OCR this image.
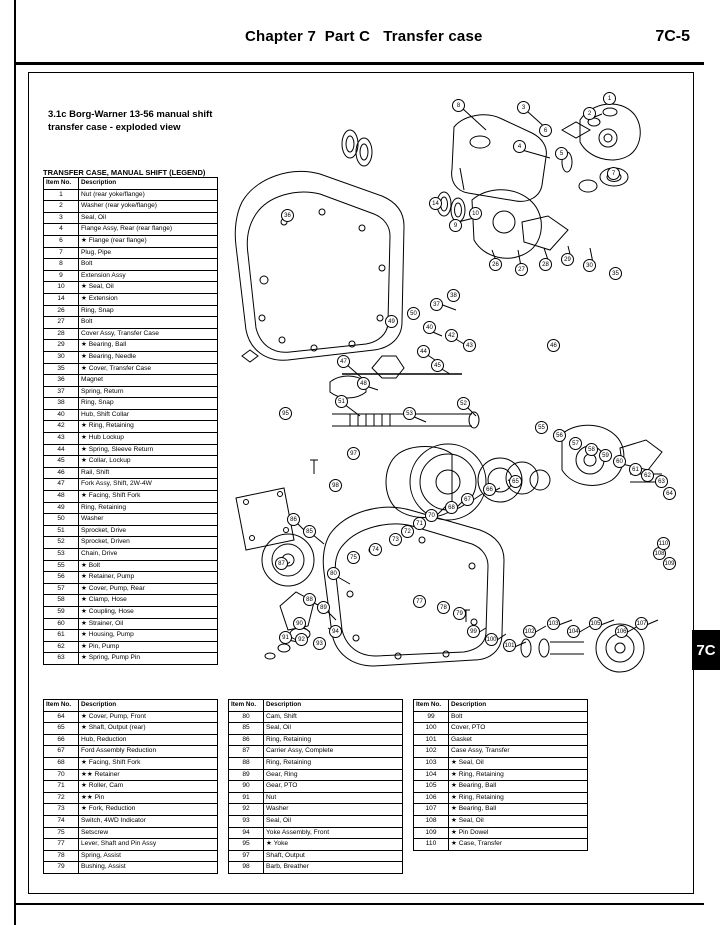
Chapter 7  Part C   Transfer case	7C-5
7C
3.1c Borg-Warner 13-56 manual shift transfer case - exploded view
TRANSFER CASE, MANUAL SHIFT (LEGEND)
Item No.	Description
1	Nut (rear yoke/flange)
2	Washer (rear yoke/flange)
3	Seal, Oil
4	Flange Assy, Rear (rear flange)
6	★ Flange (rear flange)
7	Plug, Pipe
8	Bolt
9	Extension Assy
10	★ Seal, Oil
14	★ Extension
26	Ring, Snap
27	Bolt
28	Cover Assy, Transfer Case
29	★ Bearing, Ball
30	★ Bearing, Needle
35	★ Cover, Transfer Case
36	Magnet
37	Spring, Return
38	Ring, Snap
40	Hub, Shift Collar
42	★ Ring, Retaining
43	★ Hub Lockup
44	★ Spring, Sleeve Return
45	★ Collar, Lockup
46	Rail, Shift
47	Fork Assy, Shift, 2W-4W
48	★ Facing, Shift Fork
49	Ring, Retaining
50	Washer
51	Sprocket, Drive
52	Sprocket, Driven
53	Chain, Drive
55	★ Bolt
56	★ Retainer, Pump
57	★ Cover, Pump, Rear
58	★ Clamp, Hose
59	★ Coupling, Hose
60	★ Strainer, Oil
61	★ Housing, Pump
62	★ Pin, Pump
63	★ Spring, Pump Pin
Item No.	Description
64	★ Cover, Pump, Front
65	★ Shaft, Output (rear)
66	Hub, Reduction
67	Ford Assembly Reduction
68	★ Facing, Shift Fork
70	★★ Retainer
71	★ Roller, Cam
72	★★ Pin
73	★ Fork, Reduction
74	Switch, 4WD Indicator
75	Setscrew
77	Lever, Shaft and Pin Assy
78	Spring, Assist
79	Bushing, Assist
Item No.	Description
80	Cam, Shift
85	Seal, Oil
86	Ring, Retaining
87	Carrier Assy, Complete
88	Ring, Retaining
89	Gear, Ring
90	Gear, PTO
91	Nut
92	Washer
93	Seal, Oil
94	Yoke Assembly, Front
95	★ Yoke
97	Shaft, Output
98	Barb, Breather
Item No.	Description
99	Bolt
100	Cover, PTO
101	Gasket
102	Case Assy, Transfer
103	★ Seal, Oil
104	★ Ring, Retaining
105	★ Bearing, Ball
106	★ Ring, Retaining
107	★ Bearing, Ball
108	★ Seal, Oil
109	★ Pin Dowel
110	★ Case, Transfer
1
2
3
4
5
6
7
8
9
10
14
26
27
28
29
30
35
36
37
38
40
42
43
44
45
46
47
48
49
50
51	52
53
55
56
57
58
59
60
61
62
63
64
65
66
67
68
70
71
72
73
74
75
77
78
79
80
85
86
87
88
89
90
91	92
93
94
95
97
98
99
100
101
102
103
104
105
106
107
108
109
110
